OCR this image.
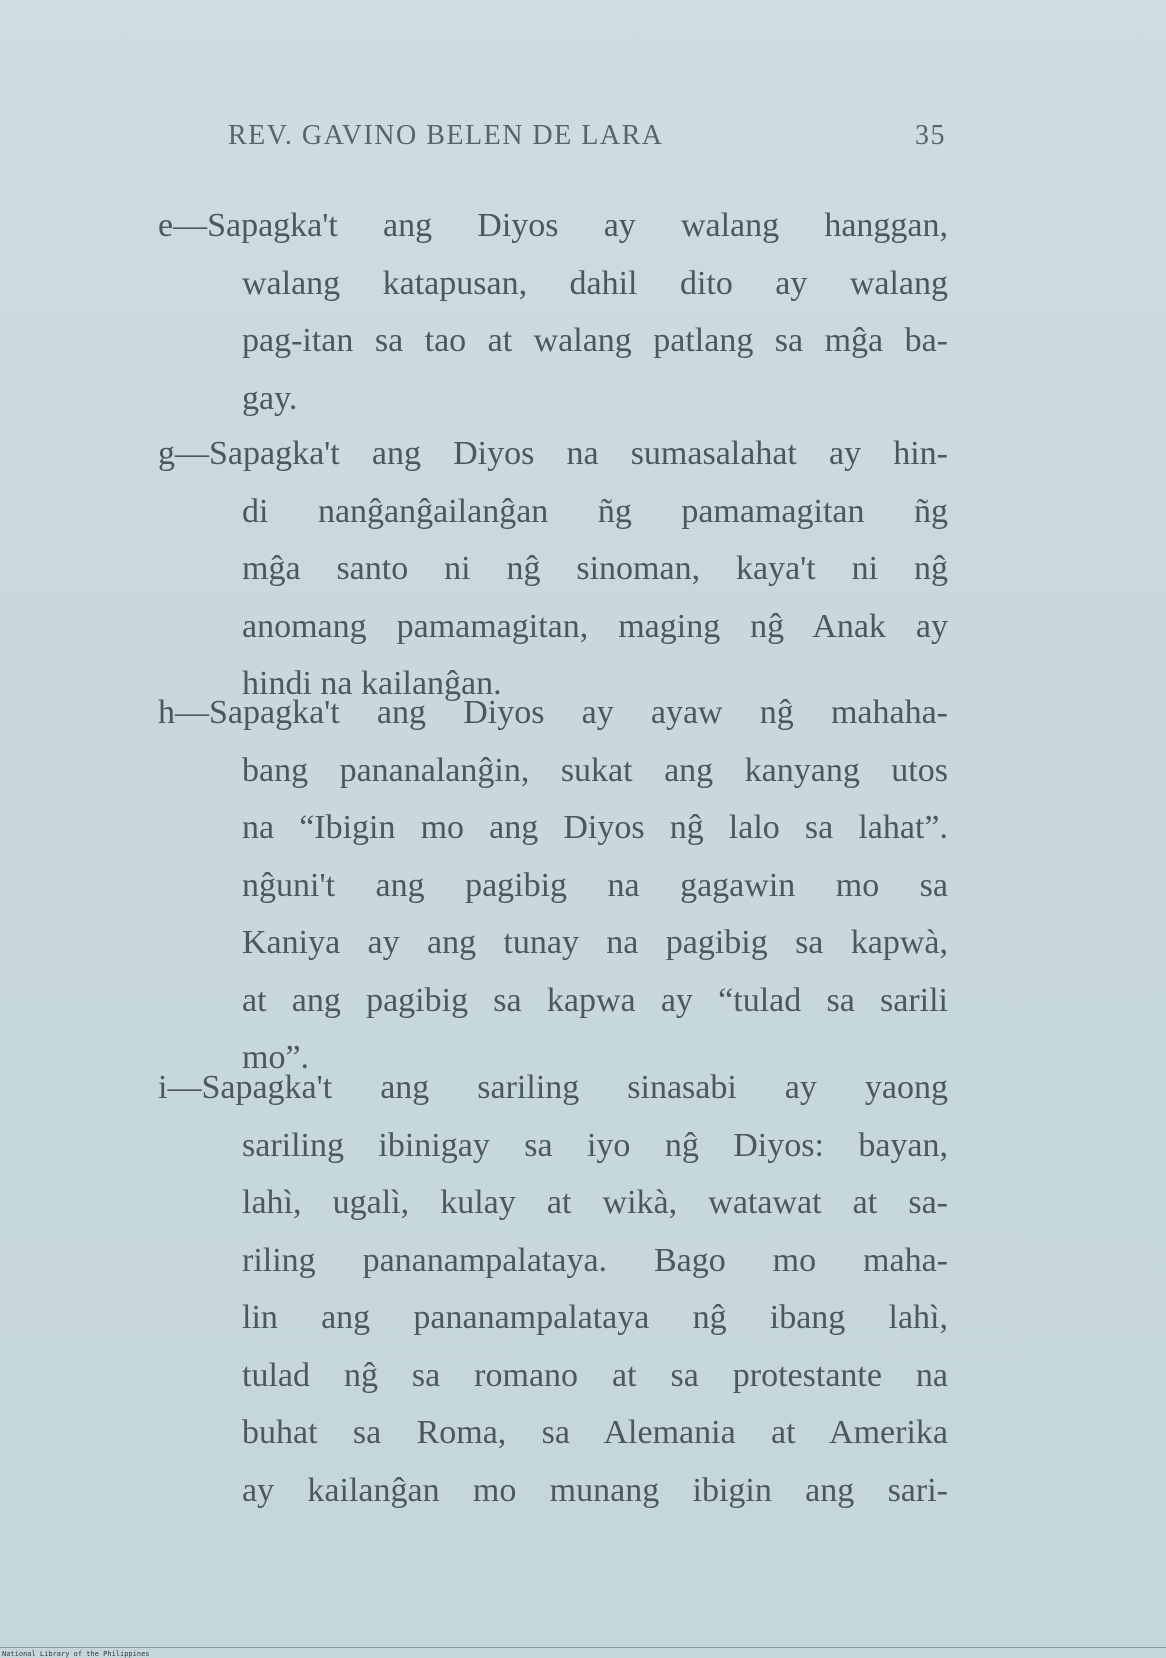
REV. GAVINO BELEN DE LARA	35
e—Sapagka't ang Diyos ay walang hanggan,
walang katapusan, dahil dito ay walang
pag-itan sa tao at walang patlang sa mĝa ba-
gay.
g—Sapagka't ang Diyos na sumasalahat ay hin-
di nanĝanĝailanĝan ñg pamamagitan ñg
mĝa santo ni nĝ sinoman, kaya't ni nĝ
anomang pamamagitan, maging nĝ Anak ay
hindi na kailanĝan.
h—Sapagka't ang Diyos ay ayaw nĝ mahaha-
bang pananalanĝin, sukat ang kanyang utos
na “Ibigin mo ang Diyos nĝ lalo sa lahat”.
nĝuni't ang pagibig na gagawin mo sa
Kaniya ay ang tunay na pagibig sa kapwà,
at ang pagibig sa kapwa ay “tulad sa sarili
mo”.
i—Sapagka't ang sariling sinasabi ay yaong
sariling ibinigay sa iyo nĝ Diyos: bayan,
lahì, ugalì, kulay at wikà, watawat at sa-
riling pananampalataya. Bago mo maha-
lin ang pananampalataya nĝ ibang lahì,
tulad nĝ sa romano at sa protestante na
buhat sa Roma, sa Alemania at Amerika
ay kailanĝan mo munang ibigin ang sari-
National Library of the Philippines
